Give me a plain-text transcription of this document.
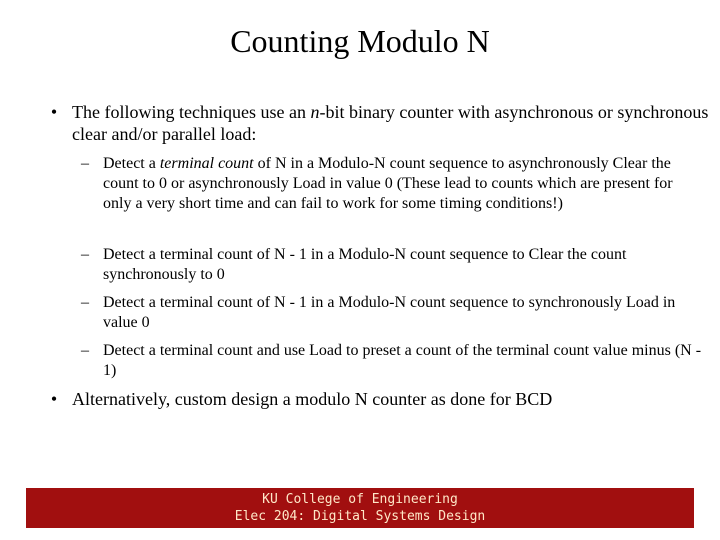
Counting Modulo N
• The following techniques use an n-bit binary counter with asynchronous or synchronous clear and/or parallel load:
– Detect a terminal count of N in a Modulo-N count sequence to asynchronously Clear the count to 0 or asynchronously Load in value 0 (These lead to counts which are present for only a very short time and can fail to work for some timing conditions!)
– Detect a terminal count of N - 1 in a Modulo-N count sequence to Clear the count synchronously to 0
– Detect a terminal count of N - 1 in a Modulo-N count sequence to synchronously Load in value 0
– Detect a terminal count and use Load to preset a count of the terminal count value minus (N - 1)
• Alternatively, custom design a modulo N counter as done for BCD
KU College of Engineering
Elec 204: Digital Systems Design
